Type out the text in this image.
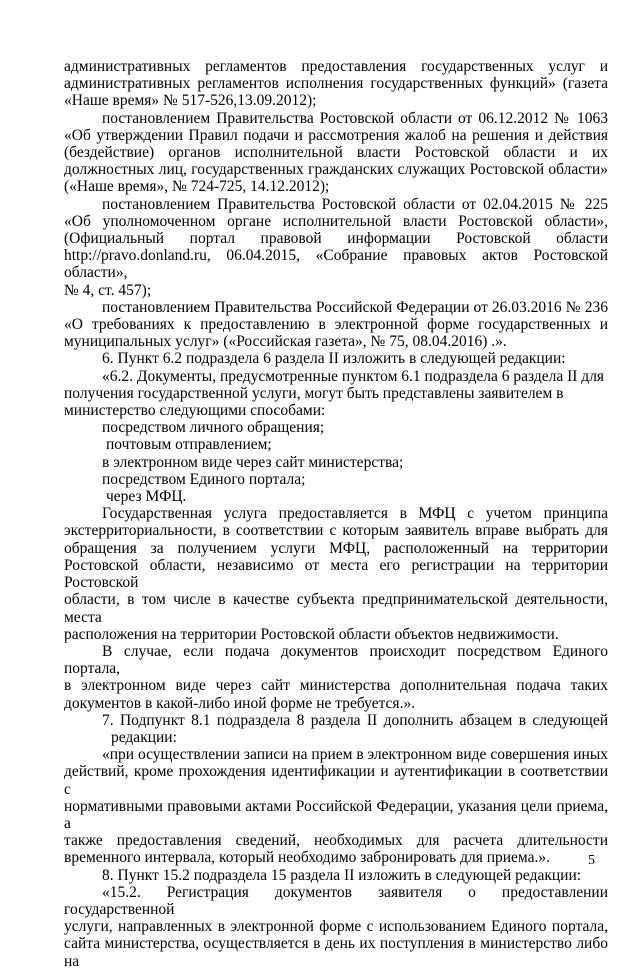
административных регламентов предоставления государственных услуг и

административных регламентов исполнения государственных функций» (газета

«Наше время» № 517-526,13.09.2012);

постановлением Правительства Ростовской области от 06.12.2012 № 1063

«Об утверждении Правил подачи и рассмотрения жалоб на решения и действия

(бездействие) органов исполнительной власти Ростовской области и их

должностных лиц, государственных гражданских служащих Ростовской области»

(«Наше время», № 724-725, 14.12.2012);

постановлением Правительства Ростовской области от 02.04.2015 № 225

«Об уполномоченном органе исполнительной власти Ростовской области»,

(Официальный портал правовой информации Ростовской области

http://pravo.donland.ru, 06.04.2015, «Собрание правовых актов Ростовской области»,

№ 4, ст. 457);

постановлением Правительства Российской Федерации от 26.03.2016 № 236

«О требованиях к предоставлению в электронной форме государственных и

муниципальных услуг» («Российская газета», № 75, 08.04.2016) .».

6. Пункт 6.2 подраздела 6 раздела II изложить в следующей редакции:

«6.2. Документы, предусмотренные пунктом 6.1 подраздела 6 раздела II для

получения государственной услуги, могут быть представлены заявителем в

министерство следующими способами:

посредством личного обращения;

почтовым отправлением;

в электронном виде через сайт министерства;

посредством Единого портала;

через МФЦ.

Государственная услуга предоставляется в МФЦ с учетом принципа

экстерриториальности, в соответствии с которым заявитель вправе выбрать для

обращения за получением услуги МФЦ, расположенный на территории

Ростовской области, независимо от места его регистрации на территории Ростовской

области, в том числе в качестве субъекта предпринимательской деятельности, места

расположения на территории Ростовской области объектов недвижимости.

В случае, если подача документов происходит посредством Единого портала,

в электронном виде через сайт министерства дополнительная подача таких

документов в какой-либо иной форме не требуется.».

7. Подпункт 8.1 подраздела 8 раздела II дополнить абзацем в следующей

редакции:

«при осуществлении записи на прием в электронном виде совершения иных

действий, кроме прохождения идентификации и аутентификации в соответствии с

нормативными правовыми актами Российской Федерации, указания цели приема, а

также предоставления сведений, необходимых для расчета длительности

временного интервала, который необходимо забронировать для приема.».

8. Пункт 15.2 подраздела 15 раздела II изложить в следующей редакции:

«15.2. Регистрация документов заявителя о предоставлении государственной

услуги, направленных в электронной форме с использованием Единого портала,

сайта министерства, осуществляется в день их поступления в министерство либо на

5
